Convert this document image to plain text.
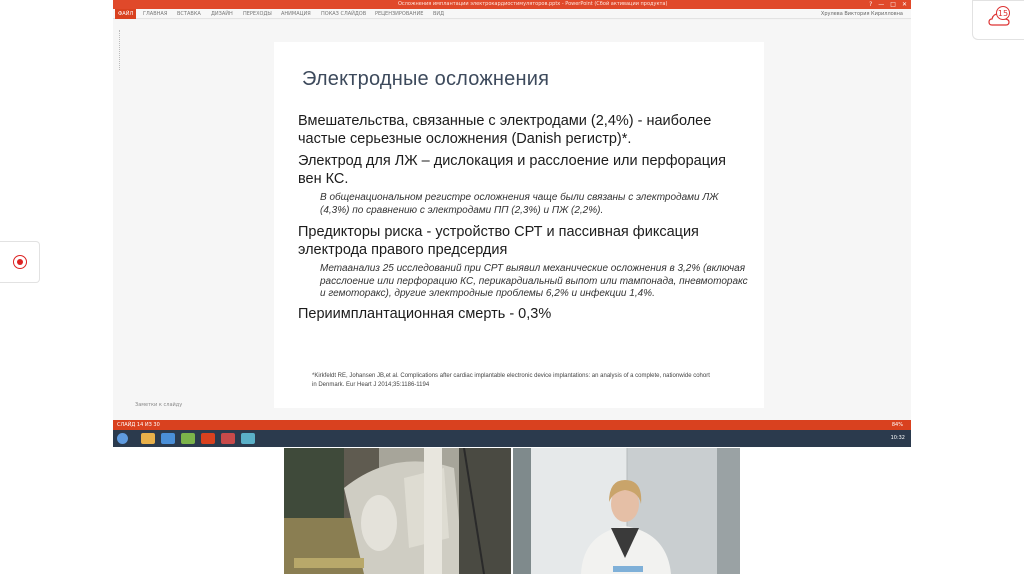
15
Осложнения имплантации электрокардиостимуляторов.pptx - PowerPoint (Сбой активации продукта)	? — □ ✕
ФАЙЛ	ГЛАВНАЯ ВСТАВКА ДИЗАЙН ПЕРЕХОДЫ АНИМАЦИЯ ПОКАЗ СЛАЙДОВ РЕЦЕНЗИРОВАНИЕ ВИД	Хрулева Виктория Кирилловна
Электродные осложнения
Вмешательства, связанные с электродами (2,4%) - наиболее частые серьезные осложнения (Danish регистр)*.
Электрод для ЛЖ – дислокация и расслоение или перфорация вен КС.
В общенациональном регистре осложнения чаще были связаны с электродами ЛЖ (4,3%) по сравнению с электродами ПП (2,3%) и ПЖ (2,2%).
Предикторы риска - устройство СРТ и пассивная фиксация электрода правого предсердия
Метаанализ 25 исследований при СРТ выявил механические осложнения в 3,2% (включая расслоение или перфорацию КС, перикардиальный выпот или тампонада, пневмоторакс и гемоторакс), другие электродные проблемы 6,2% и инфекции 1,4%.
Периимплантационная смерть - 0,3%
*Kirkfeldt RE, Johansen JB,et al. Complications after cardiac implantable electronic device implantations: an analysis of a complete, nationwide cohort in Denmark. Eur Heart J 2014;35:1186-1194
Заметки к слайду
СЛАЙД 14 ИЗ 30	84%
10:32
